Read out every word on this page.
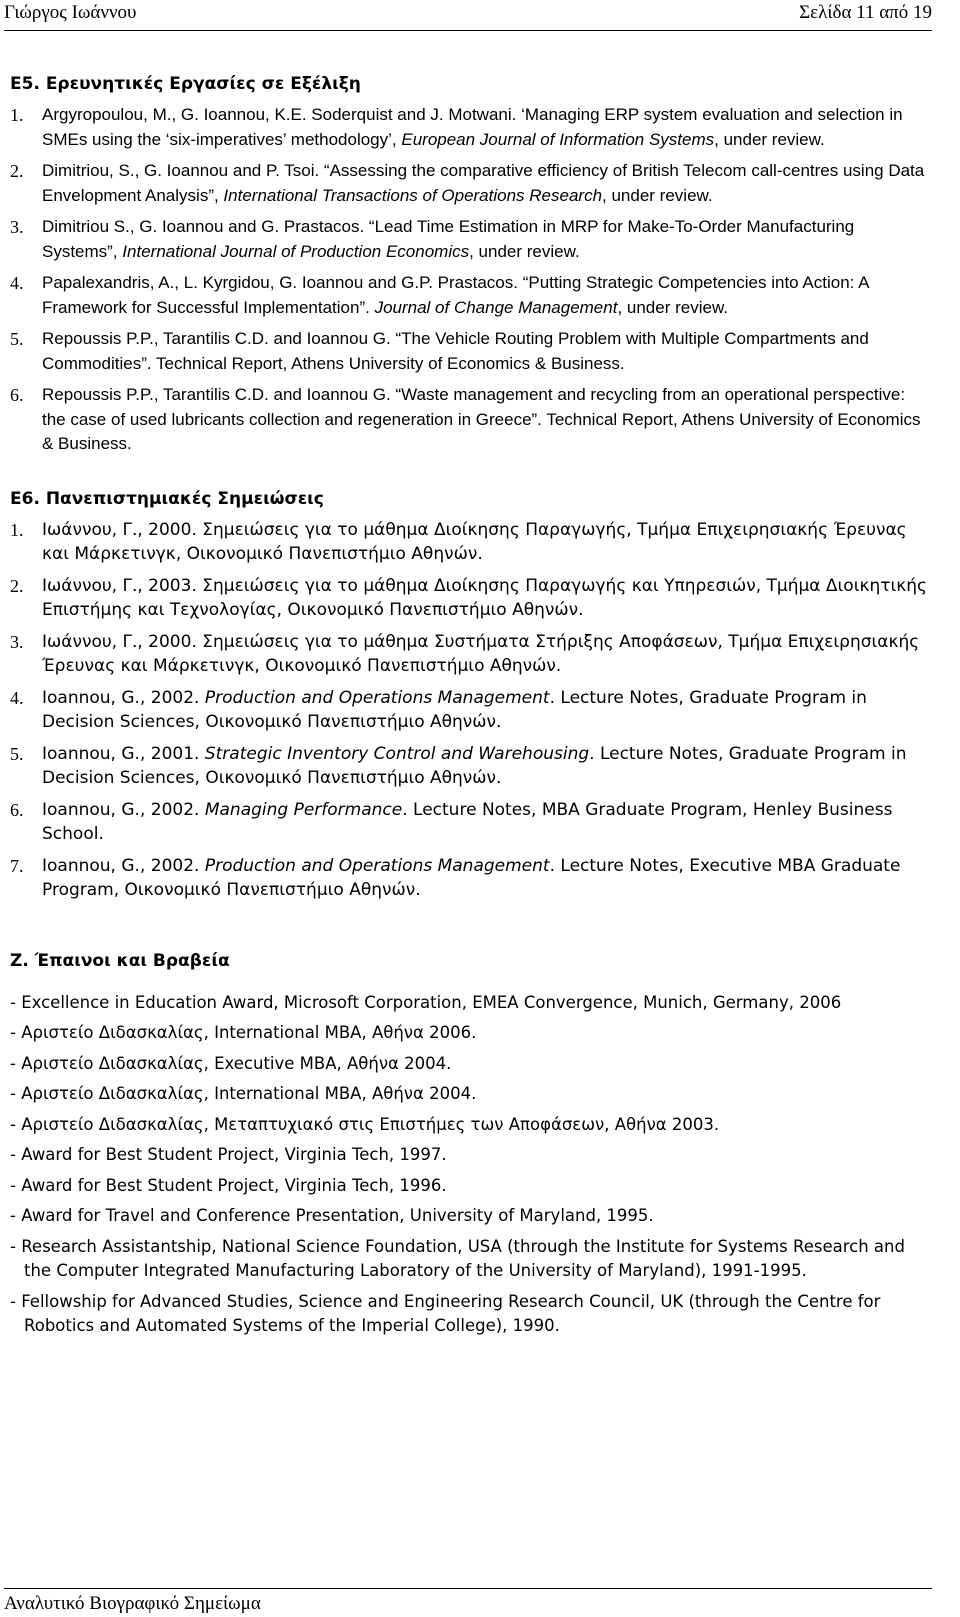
Γιώργος Ιωάννου	Σελίδα 11 από 19
Ε5. Ερευνητικές Εργασίες σε Εξέλιξη
1. Argyropoulou, M., G. Ioannou, K.E. Soderquist and J. Motwani. ‘Managing ERP system evaluation and selection in SMEs using the ‘six-imperatives’ methodology’, European Journal of Information Systems, under review.
2. Dimitriou, S., G. Ioannou and P. Tsoi. “Assessing the comparative efficiency of British Telecom call-centres using Data Envelopment Analysis”, International Transactions of Operations Research, under review.
3. Dimitriou S., G. Ioannou and G. Prastacos. “Lead Time Estimation in MRP for Make-To-Order Manufacturing Systems”, International Journal of Production Economics, under review.
4. Papalexandris, A., L. Kyrgidou, G. Ioannou and G.P. Prastacos. “Putting Strategic Competencies into Action: A Framework for Successful Implementation”. Journal of Change Management, under review.
5. Repoussis P.P., Tarantilis C.D. and Ioannou G. “The Vehicle Routing Problem with Multiple Compartments and Commodities”. Technical Report, Athens University of Economics & Business.
6. Repoussis P.P., Tarantilis C.D. and Ioannou G. “Waste management and recycling from an operational perspective: the case of used lubricants collection and regeneration in Greece”. Technical Report, Athens University of Economics & Business.
Ε6. Πανεπιστημιακές Σημειώσεις
1. Ιωάννου, Γ., 2000. Σημειώσεις για το μάθημα Διοίκησης Παραγωγής, Τμήμα Επιχειρησιακής Έρευνας και Μάρκετινγκ, Οικονομικό Πανεπιστήμιο Αθηνών.
2. Ιωάννου, Γ., 2003. Σημειώσεις για το μάθημα Διοίκησης Παραγωγής και Υπηρεσιών, Τμήμα Διοικητικής Επιστήμης και Τεχνολογίας, Οικονομικό Πανεπιστήμιο Αθηνών.
3. Ιωάννου, Γ., 2000. Σημειώσεις για το μάθημα Συστήματα Στήριξης Αποφάσεων, Τμήμα Επιχειρησιακής Έρευνας και Μάρκετινγκ, Οικονομικό Πανεπιστήμιο Αθηνών.
4. Ioannou, G., 2002. Production and Operations Management. Lecture Notes, Graduate Program in Decision Sciences, Οικονομικό Πανεπιστήμιο Αθηνών.
5. Ioannou, G., 2001. Strategic Inventory Control and Warehousing. Lecture Notes, Graduate Program in Decision Sciences, Οικονομικό Πανεπιστήμιο Αθηνών.
6. Ioannou, G., 2002. Managing Performance. Lecture Notes, MBA Graduate Program, Henley Business School.
7. Ioannou, G., 2002. Production and Operations Management. Lecture Notes, Executive MBA Graduate Program, Οικονομικό Πανεπιστήμιο Αθηνών.
Ζ. Έπαινοι και Βραβεία
- Excellence in Education Award, Microsoft Corporation, EMEA Convergence, Munich, Germany, 2006
- Αριστείο Διδασκαλίας, International MBA, Αθήνα 2006.
- Αριστείο Διδασκαλίας, Executive MBA, Αθήνα 2004.
- Αριστείο Διδασκαλίας, International MBA, Αθήνα 2004.
- Αριστείο Διδασκαλίας, Μεταπτυχιακό στις Επιστήμες των Αποφάσεων, Αθήνα 2003.
- Award for Best Student Project, Virginia Tech, 1997.
- Award for Best Student Project, Virginia Tech, 1996.
- Award for Travel and Conference Presentation, University of Maryland, 1995.
- Research Assistantship, National Science Foundation, USA (through the Institute for Systems Research and the Computer Integrated Manufacturing Laboratory of the University of Maryland), 1991-1995.
- Fellowship for Advanced Studies, Science and Engineering Research Council, UK (through the Centre for Robotics and Automated Systems of the Imperial College), 1990.
Αναλυτικό Βιογραφικό Σημείωμα
